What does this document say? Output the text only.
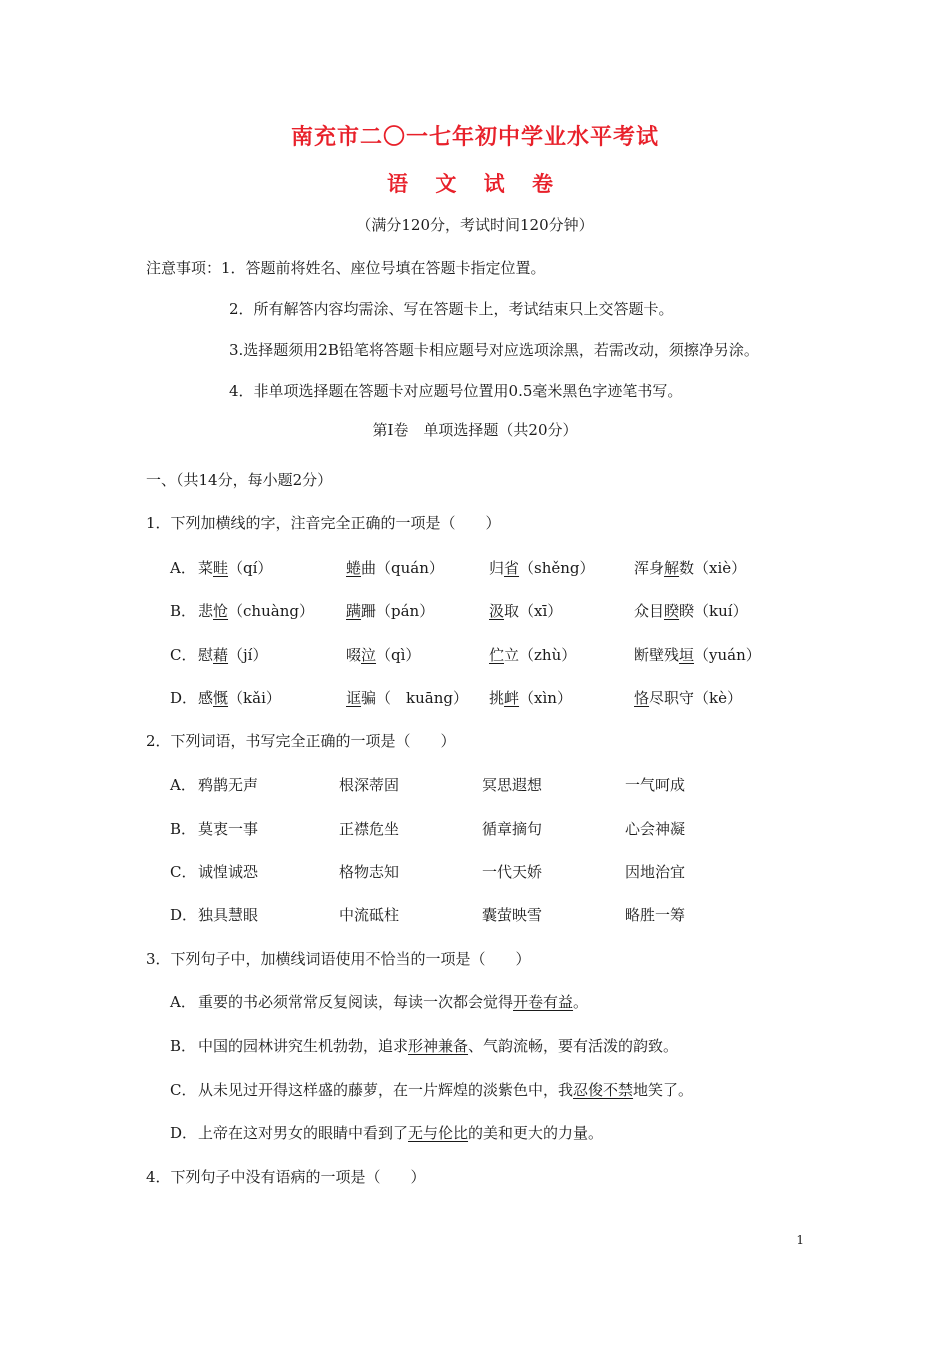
南充市二〇一七年初中学业水平考试
语 文 试 卷
（满分120分，考试时间120分钟）
注意事项：1．答题前将姓名、座位号填在答题卡指定位置。
2．所有解答内容均需涂、写在答题卡上，考试结束只上交答题卡。
3.选择题须用2B铅笔将答题卡相应题号对应选项涂黑，若需改动，须擦净另涂。
4．非单项选择题在答题卡对应题号位置用0.5毫米黑色字迹笔书写。
第Ⅰ卷　单项选择题（共20分）
一、（共14分，每小题2分）
1．下列加横线的字，注音完全正确的一项是（　　）
2．下列词语，书写完全正确的一项是（　　）
3．下列句子中，加横线词语使用不恰当的一项是（　　）
4．下列句子中没有语病的一项是（　　）
1
A． 菜畦（qí）	蜷曲（quán）	归省（shěng）	浑身解数（xiè）
B． 悲怆（chuàng） 蹒跚（pán）	汲取（xī）	众目睽睽（kuí）
C． 慰藉（jí）	啜泣（qì）	伫立（zhù）	断壁残垣（yuán）
D． 感慨（kǎi）	诓骗（　kuāng） 挑衅（xìn）	恪尽职守（kè）
A． 鸦鹊无声	根深蒂固	冥思遐想	一气呵成
B． 莫衷一事	正襟危坐	循章摘句	心会神凝
C． 诚惶诚恐	格物志知	一代天娇	因地治宜
D． 独具慧眼	中流砥柱	囊萤映雪	略胜一筹
A． 重要的书必须常常反复阅读，每读一次都会觉得开卷有益。
B． 中国的园林讲究生机勃勃，追求形神兼备、气韵流畅，要有活泼的韵致。
C． 从未见过开得这样盛的藤萝，在一片辉煌的淡紫色中，我忍俊不禁地笑了。
D． 上帝在这对男女的眼睛中看到了无与伦比的美和更大的力量。
